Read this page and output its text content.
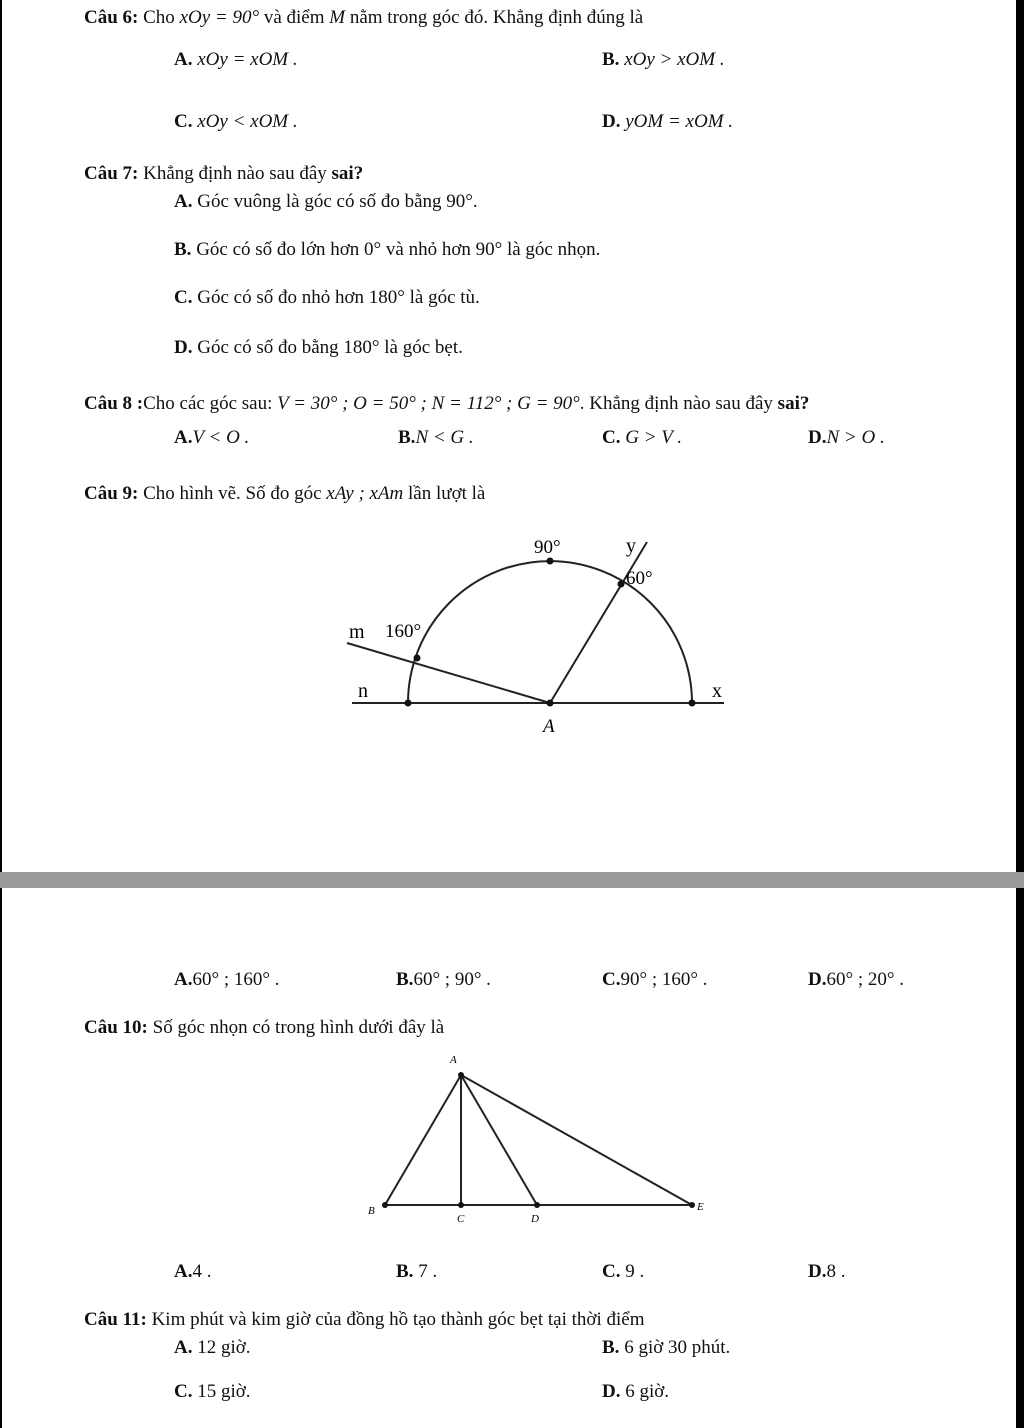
Câu 6: Cho xOy = 90° và điểm M nằm trong góc đó. Khẳng định đúng là
A. xOy = xOM .	B. xOy > xOM .
C. xOy < xOM .	D. yOM = xOM .
Câu 7: Khẳng định nào sau đây sai?
A. Góc vuông là góc có số đo bằng 90°.
B. Góc có số đo lớn hơn 0° và nhỏ hơn 90° là góc nhọn.
C. Góc có số đo nhỏ hơn 180° là góc tù.
D. Góc có số đo bằng 180° là góc bẹt.
Câu 8 :Cho các góc sau: V = 30° ; O = 50° ; N = 112° ; G = 90°. Khẳng định nào sau đây sai?
A.V < O .	B.N < G .	C. G > V .	D.N > O .
Câu 9: Cho hình vẽ. Số đo góc xAy ; xAm lần lượt là
90°
60°
160°
y
m
n	x
A
A.60° ; 160° .	B.60° ; 90° .	C.90° ; 160° .	D.60° ; 20° .
Câu 10: Số góc nhọn có trong hình dưới đây là
A
B
C	D
E
A.4 .	B. 7 .	C. 9 .	D.8 .
Câu 11: Kim phút và kim giờ của đồng hồ tạo thành góc bẹt tại thời điểm
A. 12 giờ.	B. 6 giờ 30 phút.
C. 15 giờ.	D. 6 giờ.
